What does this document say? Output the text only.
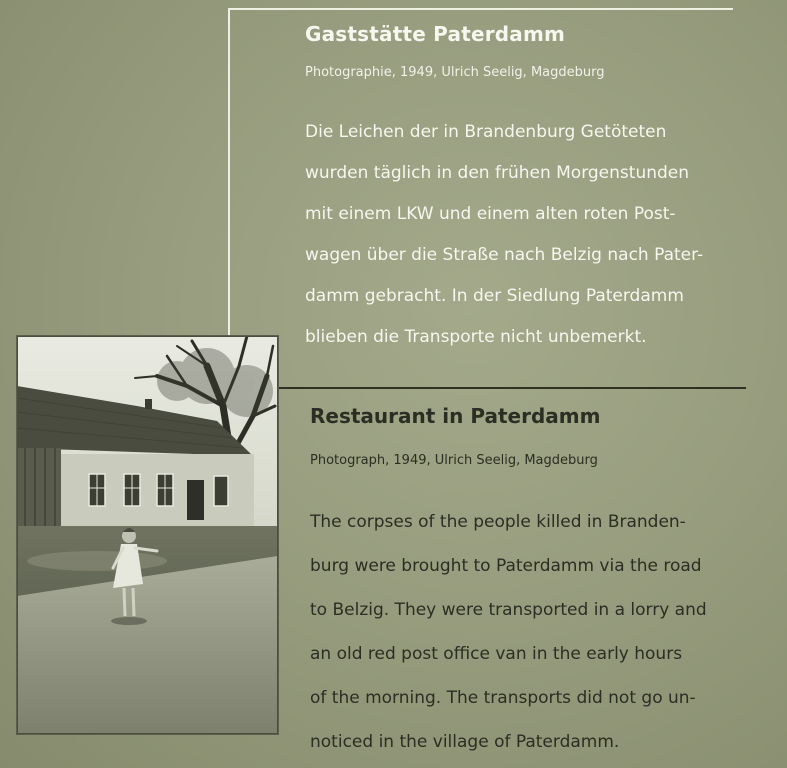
Gaststätte Paterdamm
Photographie, 1949, Ulrich Seelig, Magdeburg

Die Leichen der in Brandenburg Getöteten
wurden täglich in den frühen Morgenstunden
mit einem LKW und einem alten roten Post-
wagen über die Straße nach Belzig nach Pater-
damm gebracht. In der Siedlung Paterdamm
blieben die Transporte nicht unbemerkt.

Restaurant in Paterdamm
Photograph, 1949, Ulrich Seelig, Magdeburg

The corpses of the people killed in Branden-
burg were brought to Paterdamm via the road
to Belzig. They were transported in a lorry and
an old red post office van in the early hours
of the morning. The transports did not go un-
noticed in the village of Paterdamm.
